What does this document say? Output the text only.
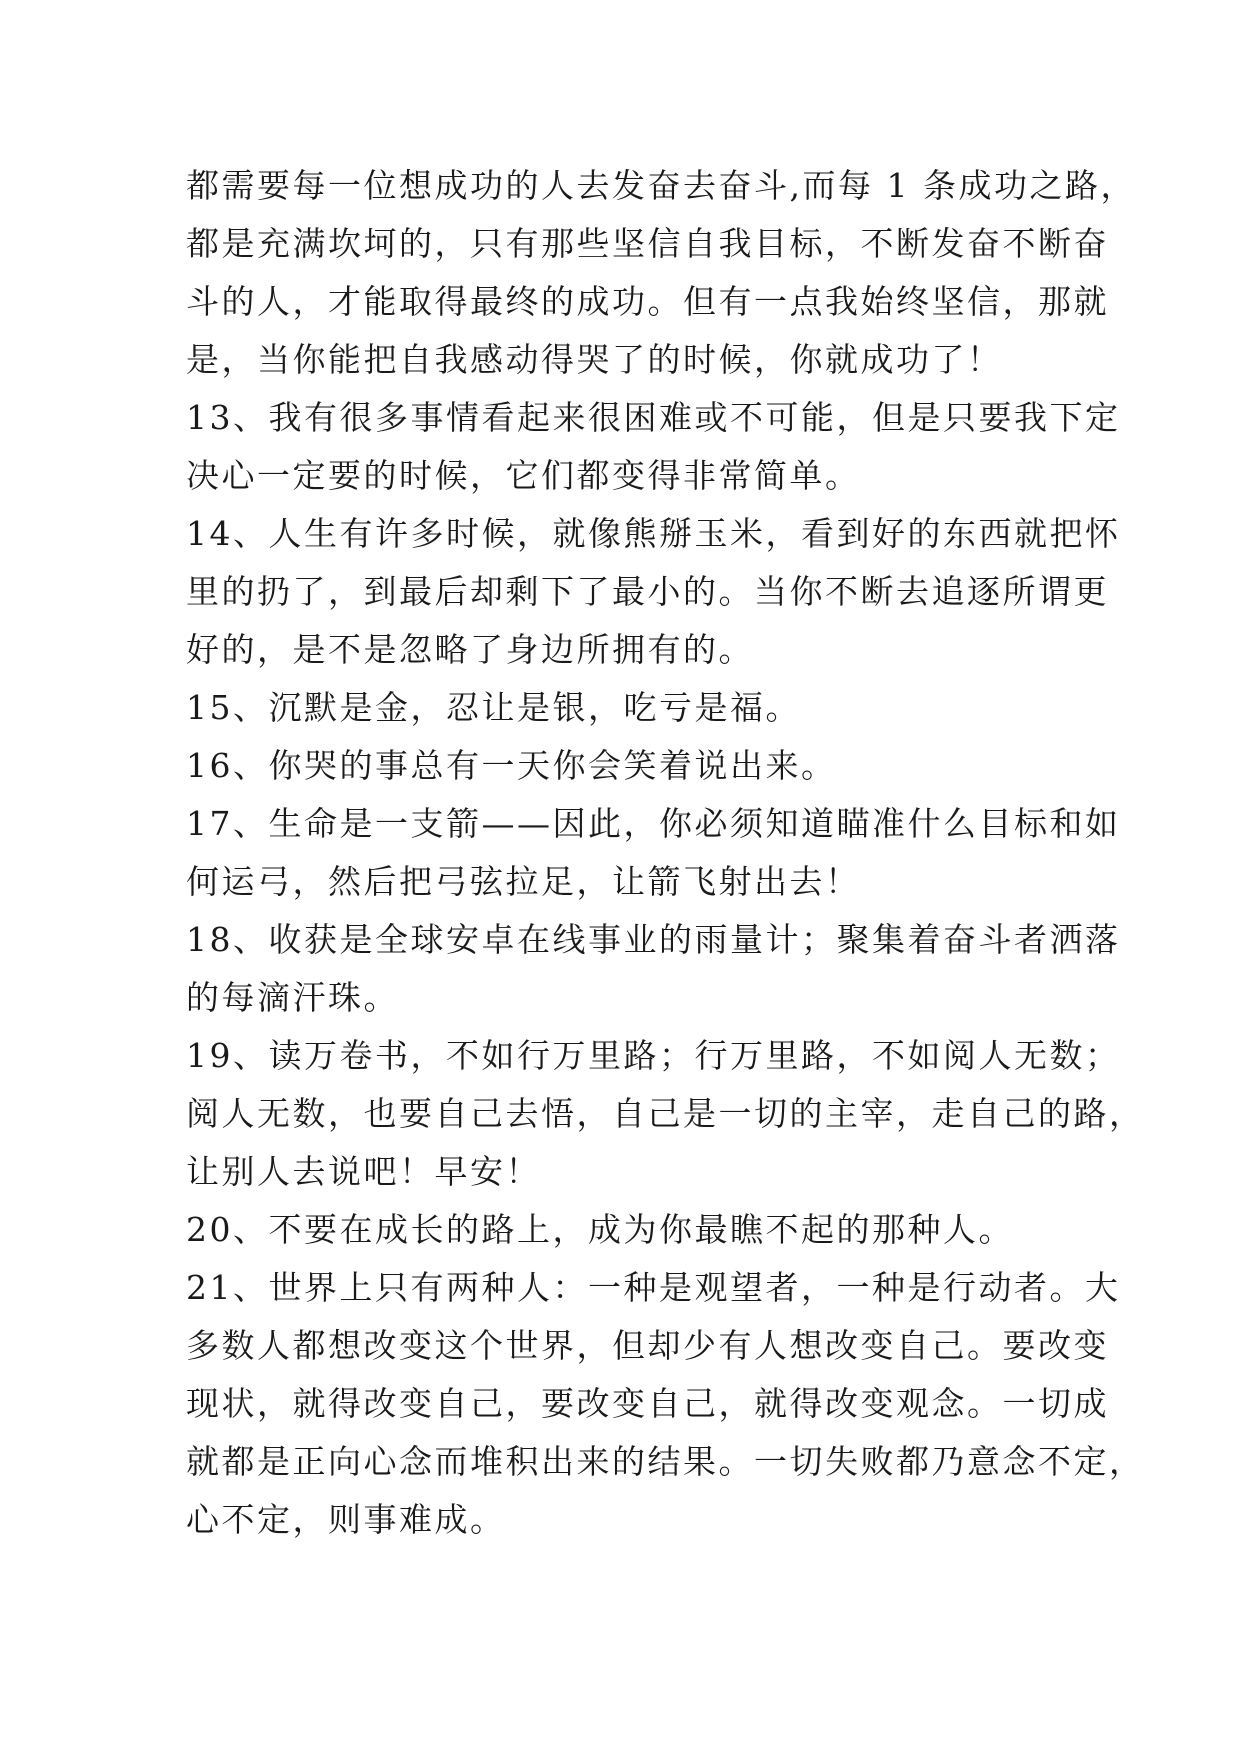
都需要每一位想成功的人去发奋去奋斗,而每 1 条成功之路，
都是充满坎坷的，只有那些坚信自我目标，不断发奋不断奋
斗的人，才能取得最终的成功。但有一点我始终坚信，那就
是，当你能把自我感动得哭了的时候，你就成功了！
13、我有很多事情看起来很困难或不可能，但是只要我下定
决心一定要的时候，它们都变得非常简单。
14、人生有许多时候，就像熊掰玉米，看到好的东西就把怀
里的扔了，到最后却剩下了最小的。当你不断去追逐所谓更
好的，是不是忽略了身边所拥有的。
15、沉默是金，忍让是银，吃亏是福。
16、你哭的事总有一天你会笑着说出来。
17、生命是一支箭——因此，你必须知道瞄准什么目标和如
何运弓，然后把弓弦拉足，让箭飞射出去！
18、收获是全球安卓在线事业的雨量计；聚集着奋斗者洒落
的每滴汗珠。
19、读万卷书，不如行万里路；行万里路，不如阅人无数；
阅人无数，也要自己去悟，自己是一切的主宰，走自己的路，
让别人去说吧！早安！
20、不要在成长的路上，成为你最瞧不起的那种人。
21、世界上只有两种人：一种是观望者，一种是行动者。大
多数人都想改变这个世界，但却少有人想改变自己。要改变
现状，就得改变自己，要改变自己，就得改变观念。一切成
就都是正向心念而堆积出来的结果。一切失败都乃意念不定，
心不定，则事难成。
